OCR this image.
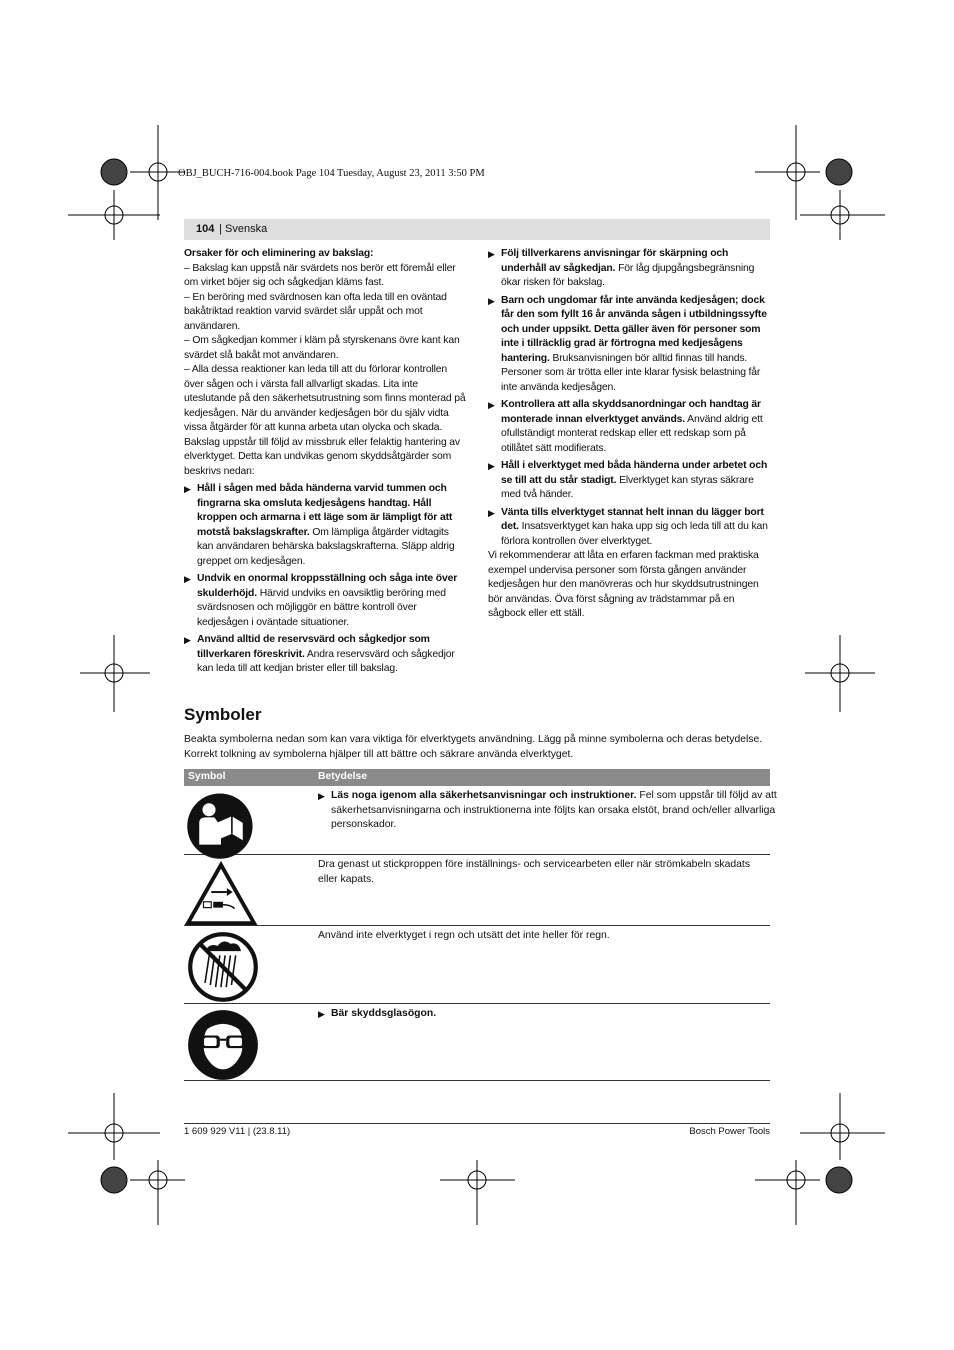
OBJ_BUCH-716-004.book Page 104 Tuesday, August 23, 2011 3:50 PM
104 | Svenska

Orsaker för och eliminering av bakslag:

– Bakslag kan uppstå när svärdets nos berör ett föremål eller om virket böjer sig och sågkedjan kläms fast.

– En beröring med svärdnosen kan ofta leda till en oväntad bakåtriktad reaktion varvid svärdet slår uppåt och mot användaren.

– Om sågkedjan kommer i kläm på styrskenans övre kant kan svärdet slå bakåt mot användaren.

– Alla dessa reaktioner kan leda till att du förlorar kontrollen över sågen och i värsta fall allvarligt skadas. Lita inte uteslutande på den säkerhetsutrustning som finns monterad på kedjesågen. När du använder kedjesågen bör du själv vidta vissa åtgärder för att kunna arbeta utan olycka och skada. Bakslag uppstår till följd av missbruk eller felaktig hantering av elverktyget. Detta kan undvikas genom skyddsåtgärder som beskrivs nedan:

▶ Håll i sågen med båda händerna varvid tummen och fingrarna ska omsluta kedjesågens handtag. Håll kroppen och armarna i ett läge som är lämpligt för att motstå bakslagskrafter. Om lämpliga åtgärder vidtagits kan användaren behärska bakslagskrafterna. Släpp aldrig greppet om kedjesågen.
▶ Undvik en onormal kroppsställning och såga inte över skulderhöjd. Härvid undviks en oavsiktlig beröring med svärdsnosen och möjliggör en bättre kontroll över kedjesågen i oväntade situationer.
▶ Använd alltid de reservsvärd och sågkedjor som tillverkaren föreskrivit. Andra reservsvärd och sågkedjor kan leda till att kedjan brister eller till bakslag.
▶ Följ tillverkarens anvisningar för skärpning och underhåll av sågkedjan. För låg djupgångsbegränsning ökar risken för bakslag.
▶ Barn och ungdomar får inte använda kedjesågen; dock får den som fyllt 16 år använda sågen i utbildningssyfte och under uppsikt. Detta gäller även för personer som inte i tillräcklig grad är förtrogna med kedjesågens hantering. Bruksanvisningen bör alltid finnas till hands. Personer som är trötta eller inte klarar fysisk belastning får inte använda kedjesågen.
▶ Kontrollera att alla skyddsanordningar och handtag är monterade innan elverktyget används. Använd aldrig ett ofullständigt monterat redskap eller ett redskap som på otillåtet sätt modifierats.
▶ Håll i elverktyget med båda händerna under arbetet och se till att du står stadigt. Elverktyget kan styras säkrare med två händer.
▶ Vänta tills elverktyget stannat helt innan du lägger bort det. Insatsverktyget kan haka upp sig och leda till att du kan förlora kontrollen över elverktyget.

Vi rekommenderar att låta en erfaren fackman med praktiska exempel undervisa personer som första gången använder kedjesågen hur den manövreras och hur skyddsutrustningen bör användas. Öva först sågning av trädstammar på en sågbock eller ett ställ.

Symboler
Beakta symbolerna nedan som kan vara viktiga för elverktygets användning. Lägg på minne symbolerna och deras betydelse. Korrekt tolkning av symbolerna hjälper till att bättre och säkrare använda elverktyget.
Symbol	Betydelse
▶ Läs noga igenom alla säkerhetsanvisningar och instruktioner. Fel som uppstår till följd av att säkerhetsanvisningarna och instruktionerna inte följts kan orsaka elstöt, brand och/eller allvarliga personskador.
Dra genast ut stickproppen före inställnings- och servicearbeten eller när strömkabeln skadats eller kapats.
Använd inte elverktyget i regn och utsätt det inte heller för regn.
▶ Bär skyddsglasögon.
1 609 929 V11 | (23.8.11)	Bosch Power Tools
